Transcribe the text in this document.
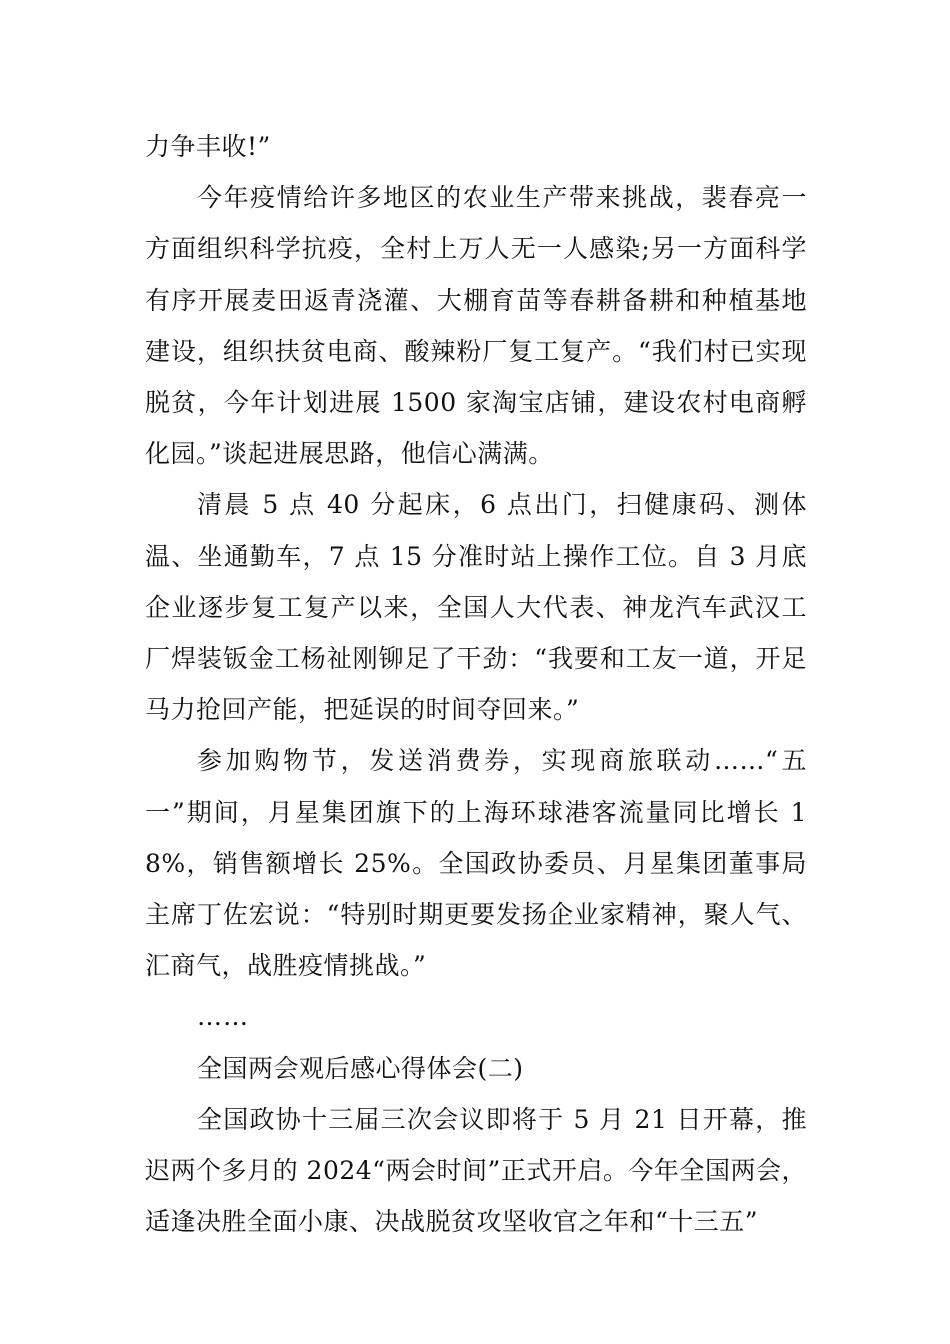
力争丰收!”

今年疫情给许多地区的农业生产带来挑战，裴春亮一方面组织科学抗疫，全村上万人无一人感染;另一方面科学有序开展麦田返青浇灌、大棚育苗等春耕备耕和种植基地建设，组织扶贫电商、酸辣粉厂复工复产。“我们村已实现脱贫，今年计划进展 1500 家淘宝店铺，建设农村电商孵化园。”谈起进展思路，他信心满满。

清晨 5 点 40 分起床，6 点出门，扫健康码、测体温、坐通勤车，7 点 15 分准时站上操作工位。自 3 月底企业逐步复工复产以来，全国人大代表、神龙汽车武汉工厂焊装钣金工杨祉刚铆足了干劲：“我要和工友一道，开足马力抢回产能，把延误的时间夺回来。”

参加购物节，发送消费券，实现商旅联动……“五一”期间，月星集团旗下的上海环球港客流量同比增长 18%，销售额增长 25%。全国政协委员、月星集团董事局主席丁佐宏说：“特别时期更要发扬企业家精神，聚人气、汇商气，战胜疫情挑战。”

……

全国两会观后感心得体会(二)

全国政协十三届三次会议即将于 5 月 21 日开幕，推迟两个多月的 2024“两会时间”正式开启。今年全国两会，适逢决胜全面小康、决战脱贫攻坚收官之年和“十三五”
